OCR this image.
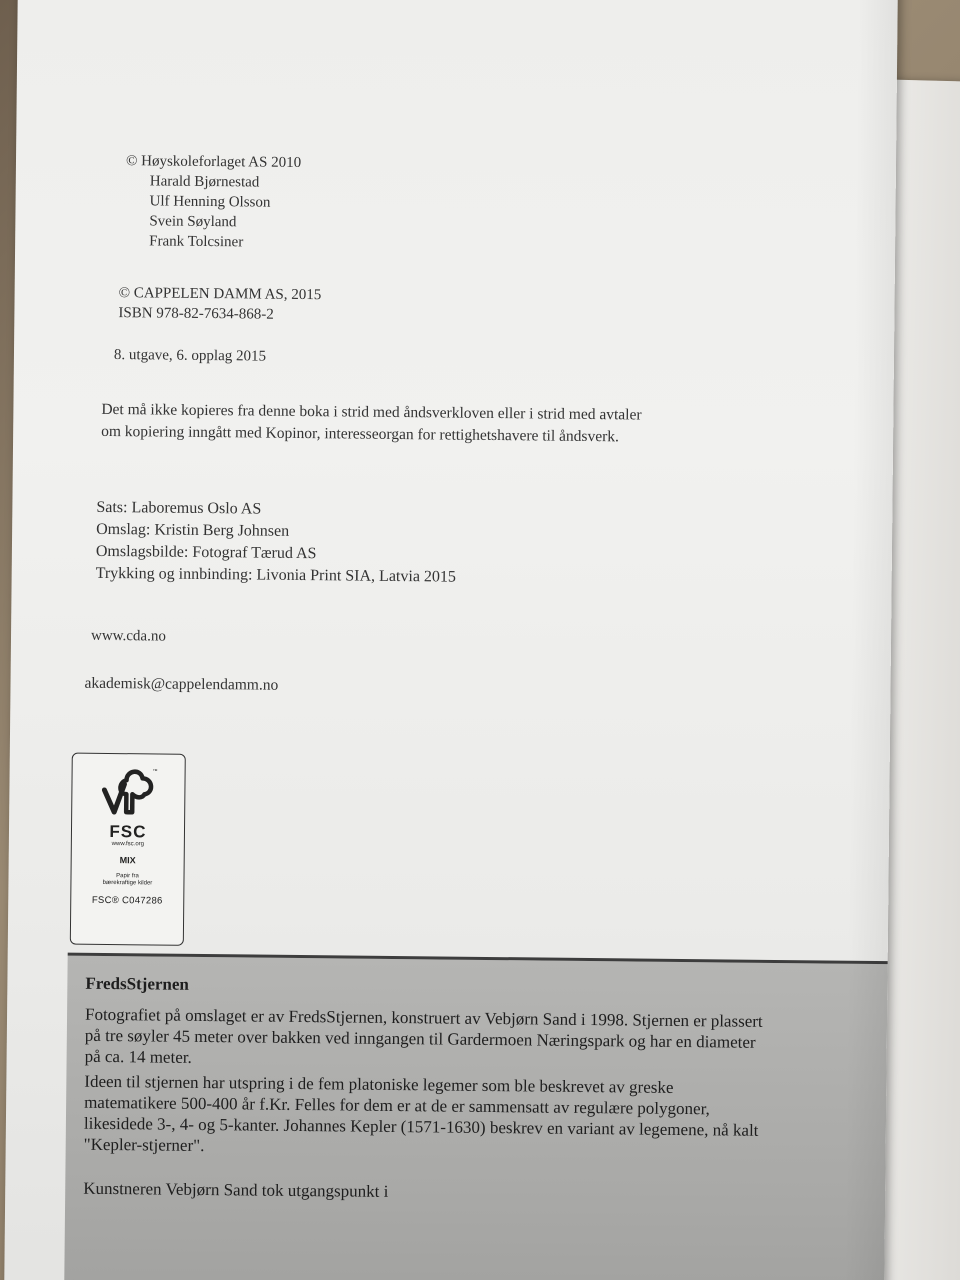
© Høyskoleforlaget AS 2010
Harald Bjørnestad
Ulf Henning Olsson
Svein Søyland
Frank Tolcsiner
© CAPPELEN DAMM AS, 2015
ISBN 978-82-7634-868-2
8. utgave, 6. opplag 2015
Det må ikke kopieres fra denne boka i strid med åndsverkloven eller i strid med avtaler
om kopiering inngått med Kopinor, interesseorgan for rettighetshavere til åndsverk.
Sats: Laboremus Oslo AS
Omslag: Kristin Berg Johnsen
Omslagsbilde: Fotograf Tærud AS
Trykking og innbinding: Livonia Print SIA, Latvia 2015
www.cda.no
akademisk@cappelendamm.no
™
FSC
www.fsc.org
MIX
Papir fra
bærekraftige kilder
FSC® C047286
FredsStjernen
Fotografiet på omslaget er av FredsStjernen, konstruert av Vebjørn Sand i 1998. Stjernen er plassert
på tre søyler 45 meter over bakken ved inngangen til Gardermoen Næringspark og har en diameter
på ca. 14 meter.
Ideen til stjernen har utspring i de fem platoniske legemer som ble beskrevet av greske
matematikere 500-400 år f.Kr. Felles for dem er at de er sammensatt av regulære polygoner,
likesidede 3-, 4- og 5-kanter. Johannes Kepler (1571-1630) beskrev en variant av legemene, nå kalt
"Kepler-stjerner".
Kunstneren Vebjørn Sand tok utgangspunkt i
